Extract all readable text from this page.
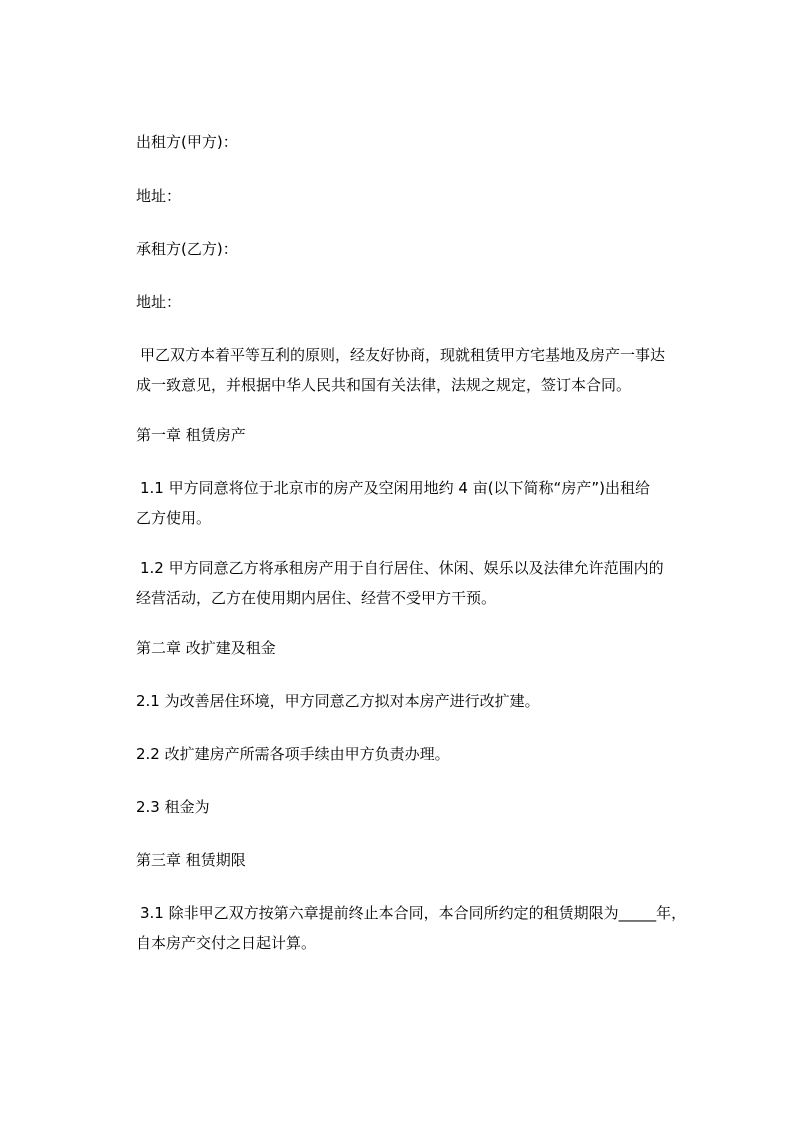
出租方(甲方)：
地址：
承租方(乙方)：
地址：
甲乙双方本着平等互利的原则，经友好协商，现就租赁甲方宅基地及房产一事达
成一致意见，并根据中华人民共和国有关法律，法规之规定，签订本合同。
第一章 租赁房产
1.1 甲方同意将位于北京市的房产及空闲用地约 4 亩(以下简称“房产”)出租给
乙方使用。
1.2 甲方同意乙方将承租房产用于自行居住、休闲、娱乐以及法律允许范围内的
经营活动，乙方在使用期内居住、经营不受甲方干预。
第二章 改扩建及租金
2.1 为改善居住环境，甲方同意乙方拟对本房产进行改扩建。
2.2 改扩建房产所需各项手续由甲方负责办理。
2.3 租金为
第三章 租赁期限
3.1 除非甲乙双方按第六章提前终止本合同，本合同所约定的租赁期限为_____年，
自本房产交付之日起计算。
